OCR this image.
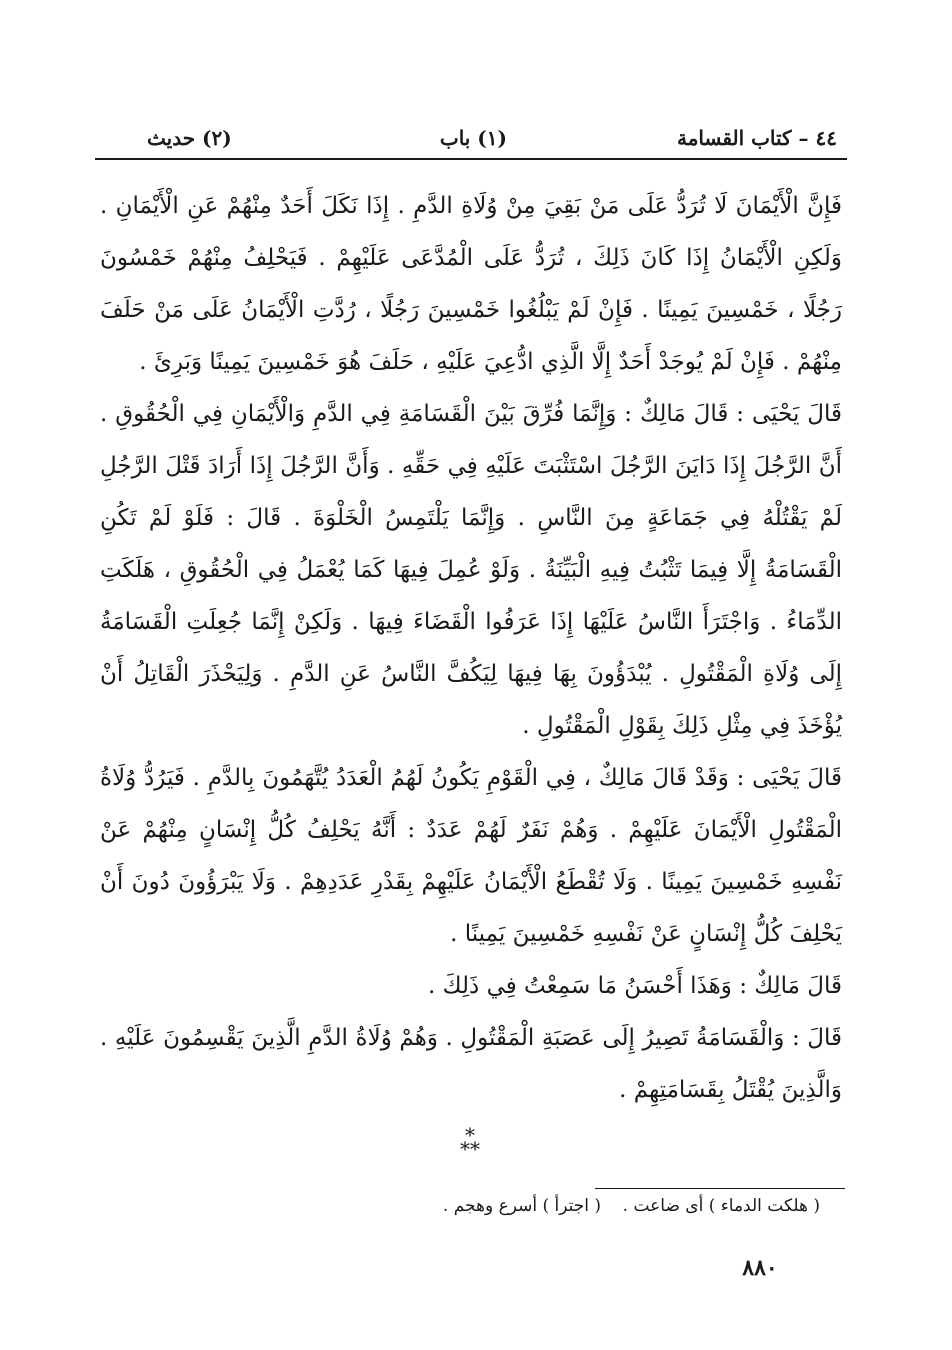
٤٤ – كتاب القسامة
(١) باب
(٢) حديث

فَإِنَّ الْأَيْمَانَ لَا تُرَدُّ عَلَى مَنْ بَقِيَ مِنْ وُلَاةِ الدَّمِ . إِذَا نَكَلَ أَحَدٌ مِنْهُمْ عَنِ الْأَيْمَانِ . وَلَكِنِ الْأَيْمَانُ إِذَا كَانَ ذَلِكَ ، تُرَدُّ عَلَى الْمُدَّعَى عَلَيْهِمْ . فَيَحْلِفُ مِنْهُمْ خَمْسُونَ رَجُلًا ، خَمْسِينَ يَمِينًا . فَإِنْ لَمْ يَبْلُغُوا خَمْسِينَ رَجُلًا ، رُدَّتِ الْأَيْمَانُ عَلَى مَنْ حَلَفَ مِنْهُمْ . فَإِنْ لَمْ يُوجَدْ أَحَدٌ إِلَّا الَّذِي ادُّعِيَ عَلَيْهِ ، حَلَفَ هُوَ خَمْسِينَ يَمِينًا وَبَرِئَ .

قَالَ يَحْيَى : قَالَ مَالِكٌ : وَإِنَّمَا فُرِّقَ بَيْنَ الْقَسَامَةِ فِي الدَّمِ وَالْأَيْمَانِ فِي الْحُقُوقِ . أَنَّ الرَّجُلَ إِذَا دَايَنَ الرَّجُلَ اسْتَثْبَتَ عَلَيْهِ فِي حَقِّهِ . وَأَنَّ الرَّجُلَ إِذَا أَرَادَ قَتْلَ الرَّجُلِ لَمْ يَقْتُلْهُ فِي جَمَاعَةٍ مِنَ النَّاسِ . وَإِنَّمَا يَلْتَمِسُ الْخَلْوَةَ . قَالَ : فَلَوْ لَمْ تَكُنِ الْقَسَامَةُ إِلَّا فِيمَا تَثْبُتُ فِيهِ الْبَيِّنَةُ . وَلَوْ عُمِلَ فِيهَا كَمَا يُعْمَلُ فِي الْحُقُوقِ ، هَلَكَتِ الدِّمَاءُ . وَاجْتَرَأَ النَّاسُ عَلَيْهَا إِذَا عَرَفُوا الْقَضَاءَ فِيهَا . وَلَكِنْ إِنَّمَا جُعِلَتِ الْقَسَامَةُ إِلَى وُلَاةِ الْمَقْتُولِ . يُبْدَؤُونَ بِهَا فِيهَا لِيَكُفَّ النَّاسُ عَنِ الدَّمِ . وَلِيَحْذَرَ الْقَاتِلُ أَنْ يُؤْخَذَ فِي مِثْلِ ذَلِكَ بِقَوْلِ الْمَقْتُولِ .

قَالَ يَحْيَى : وَقَدْ قَالَ مَالِكٌ ، فِي الْقَوْمِ يَكُونُ لَهُمُ الْعَدَدُ يُتَّهَمُونَ بِالدَّمِ . فَيَرُدُّ وُلَاةُ الْمَقْتُولِ الْأَيْمَانَ عَلَيْهِمْ . وَهُمْ نَفَرٌ لَهُمْ عَدَدٌ : أَنَّهُ يَحْلِفُ كُلُّ إِنْسَانٍ مِنْهُمْ عَنْ نَفْسِهِ خَمْسِينَ يَمِينًا . وَلَا تُقْطَعُ الْأَيْمَانُ عَلَيْهِمْ بِقَدْرِ عَدَدِهِمْ . وَلَا يَبْرَؤُونَ دُونَ أَنْ يَحْلِفَ كُلُّ إِنْسَانٍ عَنْ نَفْسِهِ خَمْسِينَ يَمِينًا .

قَالَ مَالِكٌ : وَهَذَا أَحْسَنُ مَا سَمِعْتُ فِي ذَلِكَ .

قَالَ : وَالْقَسَامَةُ تَصِيرُ إِلَى عَصَبَةِ الْمَقْتُولِ . وَهُمْ وُلَاةُ الدَّمِ الَّذِينَ يَقْسِمُونَ عَلَيْهِ . وَالَّذِينَ يُقْتَلُ بِقَسَامَتِهِمْ .

*
**
( هلكت الدماء ) أى ضاعت .    ( اجترأ ) أسرع وهجم .
٨٨٠
